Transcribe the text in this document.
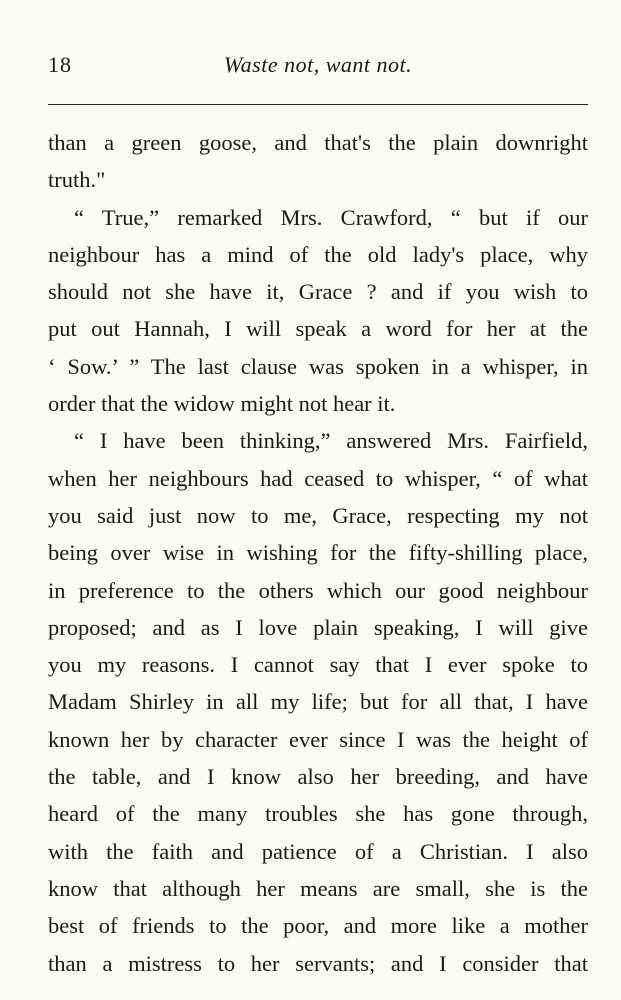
Waste not, want not.
18
than a green goose, and that's the plain downright
truth."
“ True,” remarked Mrs. Crawford, “ but if our
neighbour has a mind of the old lady's place, why
should not she have it, Grace ? and if you wish to
put out Hannah, I will speak a word for her at the
‘ Sow.’ ” The last clause was spoken in a whisper, in
order that the widow might not hear it.
“ I have been thinking,” answered Mrs. Fairfield,
when her neighbours had ceased to whisper, “ of what
you said just now to me, Grace, respecting my not
being over wise in wishing for the fifty-shilling place,
in preference to the others which our good neighbour
proposed; and as I love plain speaking, I will give
you my reasons. I cannot say that I ever spoke to
Madam Shirley in all my life; but for all that, I have
known her by character ever since I was the height of
the table, and I know also her breeding, and have
heard of the many troubles she has gone through,
with the faith and patience of a Christian. I also
know that although her means are small, she is the
best of friends to the poor, and more like a mother
than a mistress to her servants; and I consider that
